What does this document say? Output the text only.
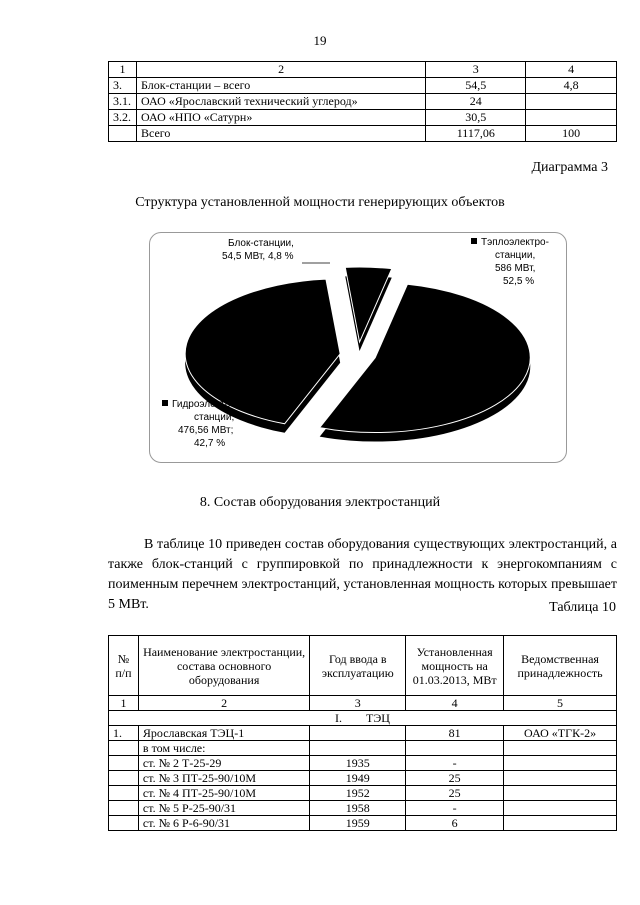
19
1	2	3	4
3.	Блок-станции – всего	54,5	4,8
3.1.	ОАО «Ярославский технический углерод»	24	
3.2.	ОАО «НПО «Сатурн»	30,5	
	Всего	1117,06	100
Диаграмма 3
Структура установленной мощности генерирующих объектов
Блок-станции,
54,5 МВт, 4,8 %
Тэплоэлектро-
станции,
586 МВт,
52,5 %
Гидроэлектро-
станции,
476,56 МВт;
42,7 %
8. Состав оборудования электростанций
В таблице 10 приведен состав оборудования существующих электростанций, а также блок-станций с группировкой по принадлежности к энергокомпаниям с поименным перечнем электростанций, установленная мощность которых превышает 5 МВт.	Таблица 10
№ п/п	Наименование электростанции, состава основного оборудования	Год ввода в эксплуатацию	Установленная мощность на 01.03.2013, МВт	Ведомственная принадлежность
1	2	3	4	5
I.        ТЭЦ				
1.	Ярославская ТЭЦ-1		81	ОАО «ТГК-2»
	в том числе:			
	ст. № 2 Т-25-29	1935	-	
	ст. № 3 ПТ-25-90/10М	1949	25	
	ст. № 4 ПТ-25-90/10М	1952	25	
	ст. № 5 Р-25-90/31	1958	-	
	ст. № 6 Р-6-90/31	1959	6	
